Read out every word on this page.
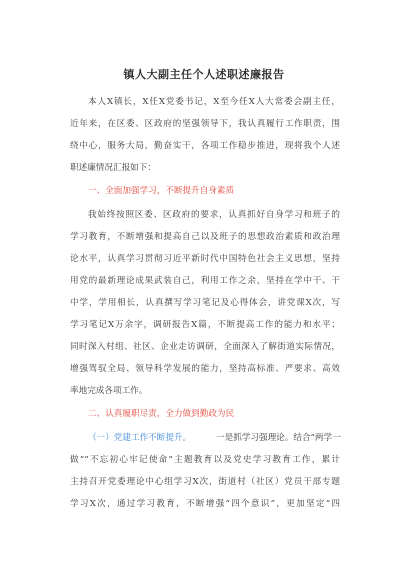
镇人大副主任个人述职述廉报告
本人X镇长，X任X党委书记，X至今任X人大常委会副主任，
近年来，在区委、区政府的坚强领导下，我认真履行工作职责，围
绕中心，服务大局，勤奋实干，各项工作稳步推进，现将我个人述
职述廉情况汇报如下：
一、全面加强学习，不断提升自身素质
我始终按照区委、区政府的要求，认真抓好自身学习和班子的
学习教育，不断增强和提高自己以及班子的思想政治素质和政治理
论水平，认真学习贯彻习近平新时代中国特色社会主义思想，坚持
用党的最新理论成果武装自己，利用工作之余，坚持在学中干、干
中学，学用相长，认真撰写学习笔记及心得体会，讲党课X次，写
学习笔记X万余字，调研报告X篇，不断提高工作的能力和水平；
同时深入村组、社区、企业走访调研，全面深入了解街道实际情况，
增强驾驭全局、领导科学发展的能力，坚持高标准、严要求、高效
率地完成各项工作。
二、认真履职尽责，全力做到勤政为民
（一）党建工作不断提升。	一是抓学习强理论。结合“两学一
做”“不忘初心牢记使命”主题教育以及党史学习教育工作，累计
主持召开党委理论中心组学习X次，街道村（社区）党员干部专题
学习X次，通过学习教育，不断增强“四个意识”，更加坚定“四
